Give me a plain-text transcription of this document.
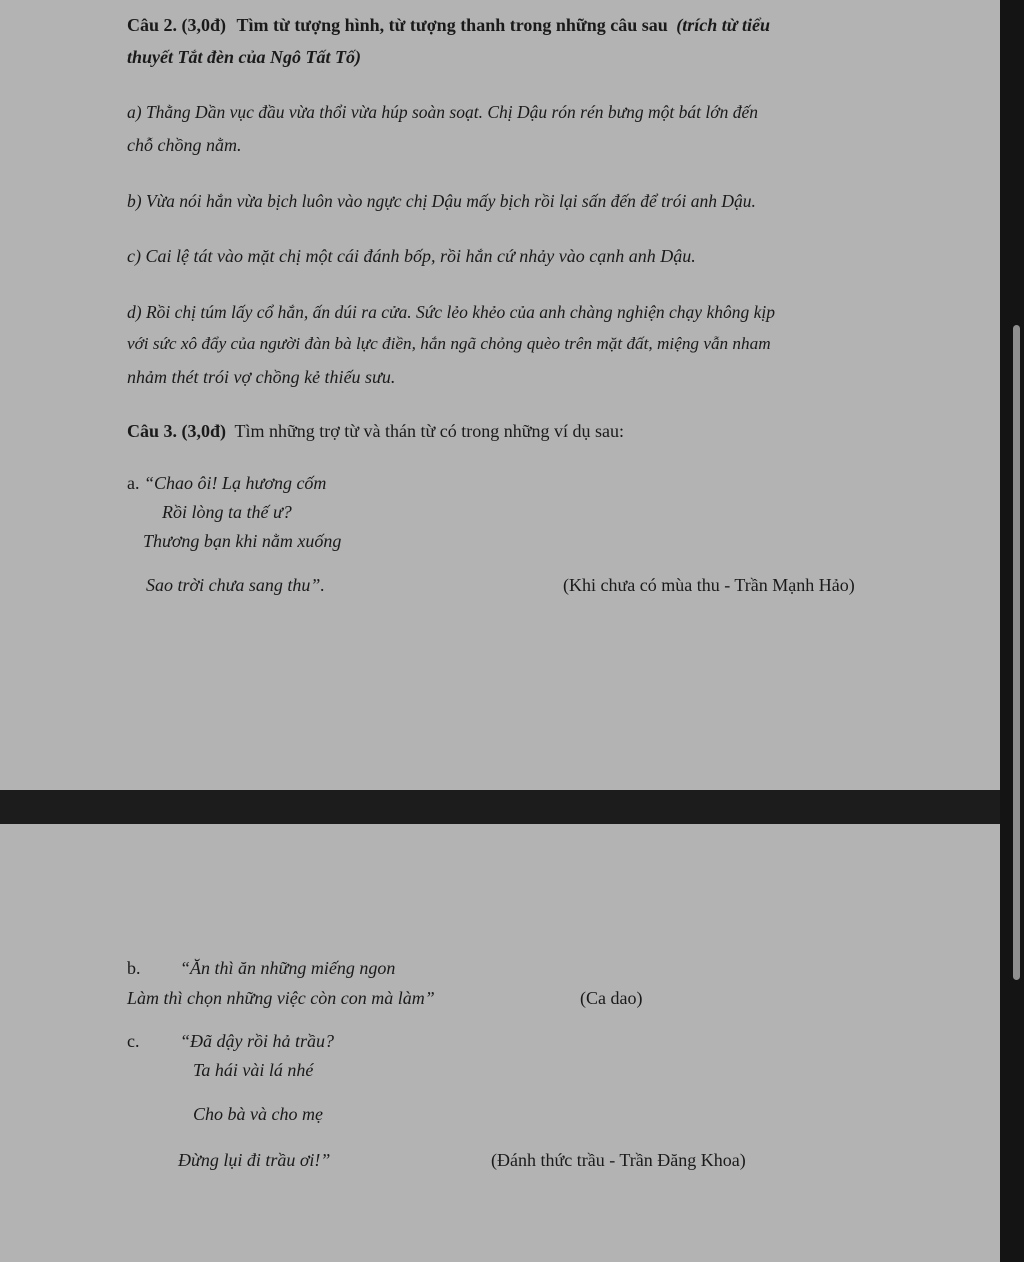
Câu 2. (3,0đ) Tìm từ tượng hình, từ tượng thanh trong những câu sau (trích từ tiểu
thuyết Tắt đèn của Ngô Tất Tố)
a) Thằng Dần vục đầu vừa thổi vừa húp soàn soạt. Chị Dậu rón rén bưng một bát lớn đến
chỗ chồng nằm.
b) Vừa nói hắn vừa bịch luôn vào ngực chị Dậu mấy bịch rồi lại sấn đến để trói anh Dậu.
c) Cai lệ tát vào mặt chị một cái đánh bốp, rồi hắn cứ nhảy vào cạnh anh Dậu.
d) Rồi chị túm lấy cổ hắn, ấn dúi ra cửa. Sức lẻo khẻo của anh chàng nghiện chạy không kịp
với sức xô đẩy của người đàn bà lực điền, hắn ngã chỏng quèo trên mặt đất, miệng vẫn nham
nhảm thét trói vợ chồng kẻ thiếu sưu.
Câu 3. (3,0đ) Tìm những trợ từ và thán từ có trong những ví dụ sau:
a. “Chao ôi! Lạ hương cốm
Rồi lòng ta thế ư?
Thương bạn khi nằm xuống
Sao trời chưa sang thu”.	(Khi chưa có mùa thu - Trần Mạnh Hảo)
b. “Ăn thì ăn những miếng ngon
Làm thì chọn những việc còn con mà làm”	(Ca dao)
c. “Đã dậy rồi hả trầu?
Ta hái vài lá nhé
Cho bà và cho mẹ
Đừng lụi đi trầu ơi!”	(Đánh thức trầu - Trần Đăng Khoa)
